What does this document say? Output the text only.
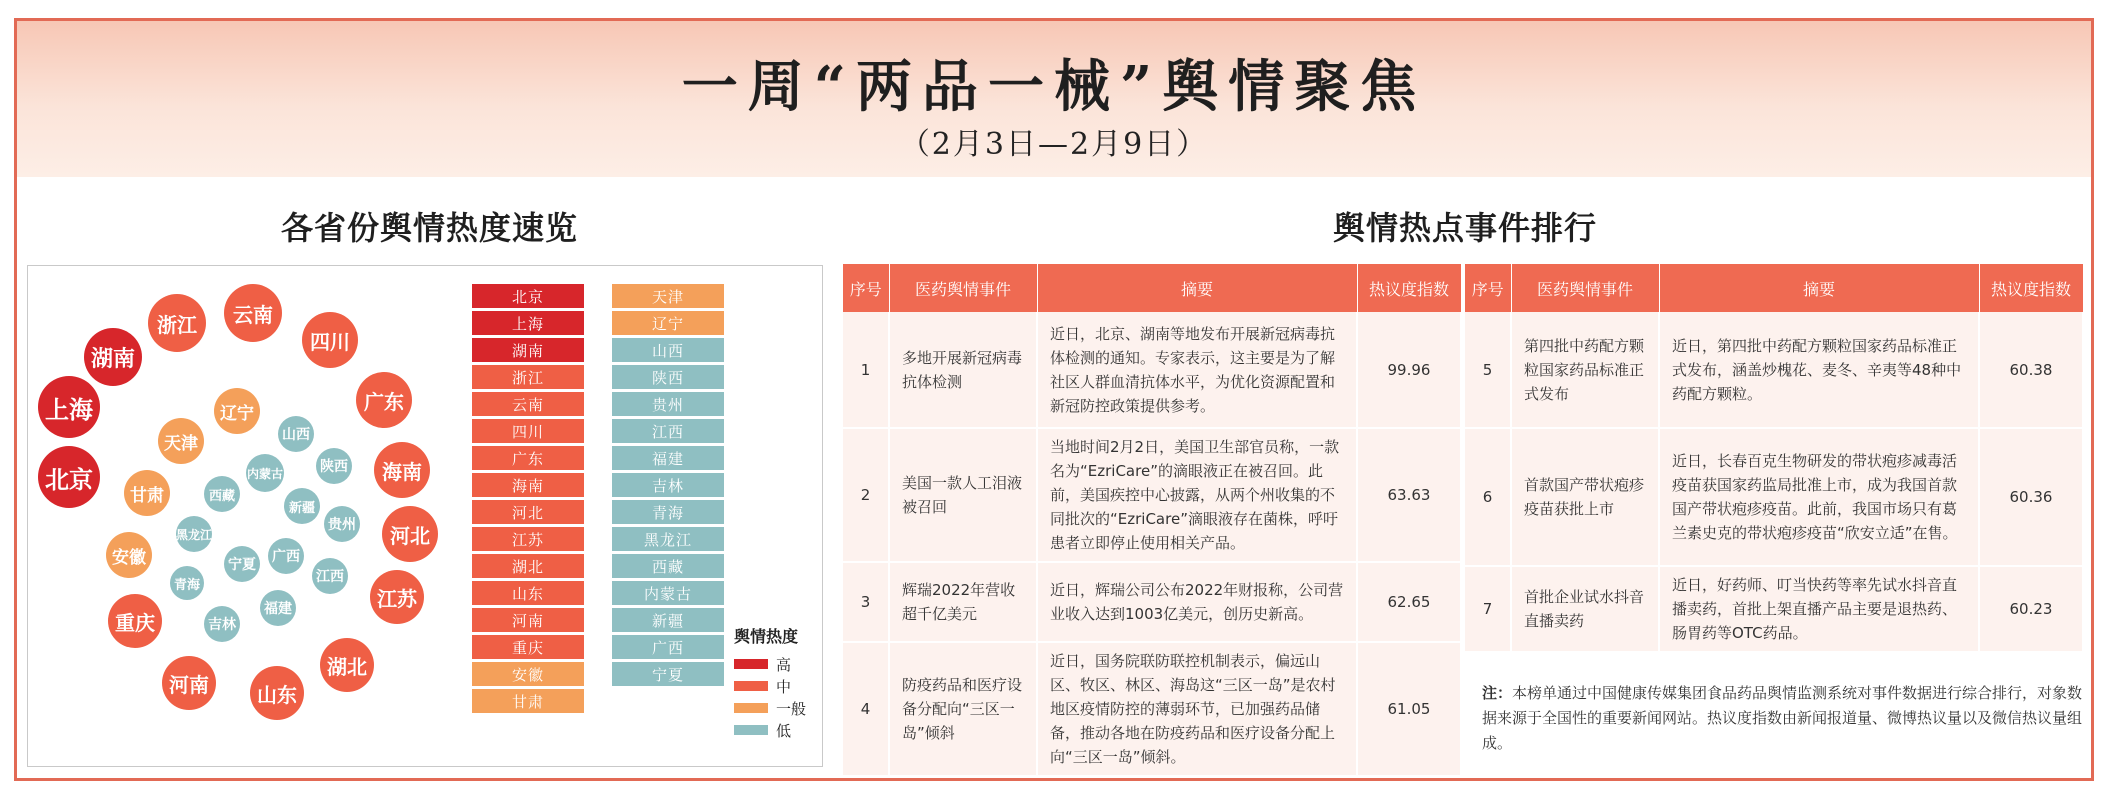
一周“两品一械”舆情聚焦
（2月3日—2月9日）
各省份舆情热度速览	舆情热点事件排行
北京
上海
湖南
浙江	云南
四川
广东
海南
河北
江苏
湖北
山东
河南
重庆
安徽
甘肃
天津
辽宁
山西
陕西
贵州
江西
福建
吉林
青海
黑龙江
西藏
内蒙古
新疆
广西
宁夏
北京
上海
湖南
浙江
云南
四川
广东
海南
河北
江苏
湖北
山东
河南
重庆
安徽
甘肃
天津
辽宁
山西
陕西
贵州
江西
福建
吉林
青海
黑龙江
西藏
内蒙古
新疆
广西
宁夏
舆情热度
高
中
一般
低
序号	医药舆情事件	摘要	热议度指数
1	多地开展新冠病毒抗体检测	近日，北京、湖南等地发布开展新冠病毒抗体检测的通知。专家表示，这主要是为了解社区人群血清抗体水平，为优化资源配置和新冠防控政策提供参考。	99.96
2	美国一款人工泪液被召回	当地时间2月2日，美国卫生部官员称，一款名为“EzriCare”的滴眼液正在被召回。此前，美国疾控中心披露，从两个州收集的不同批次的“EzriCare”滴眼液存在菌株，呼吁患者立即停止使用相关产品。	63.63
3	辉瑞2022年营收超千亿美元	近日，辉瑞公司公布2022年财报称，公司营业收入达到1003亿美元，创历史新高。	62.65
4	防疫药品和医疗设备分配向“三区一岛”倾斜	近日，国务院联防联控机制表示，偏远山区、牧区、林区、海岛这“三区一岛”是农村地区疫情防控的薄弱环节，已加强药品储备，推动各地在防疫药品和医疗设备分配上向“三区一岛”倾斜。	61.05
序号	医药舆情事件	摘要	热议度指数
5	第四批中药配方颗粒国家药品标准正式发布	近日，第四批中药配方颗粒国家药品标准正式发布，涵盖炒槐花、麦冬、辛夷等48种中药配方颗粒。	60.38
6	首款国产带状疱疹疫苗获批上市	近日，长春百克生物研发的带状疱疹减毒活疫苗获国家药监局批准上市，成为我国首款国产带状疱疹疫苗。此前，我国市场只有葛兰素史克的带状疱疹疫苗“欣安立适”在售。	60.36
7	首批企业试水抖音直播卖药	近日，好药师、叮当快药等率先试水抖音直播卖药，首批上架直播产品主要是退热药、肠胃药等OTC药品。	60.23
注：本榜单通过中国健康传媒集团食品药品舆情监测系统对事件数据进行综合排行，对象数据来源于全国性的重要新闻网站。热议度指数由新闻报道量、微博热议量以及微信热议量组成。
